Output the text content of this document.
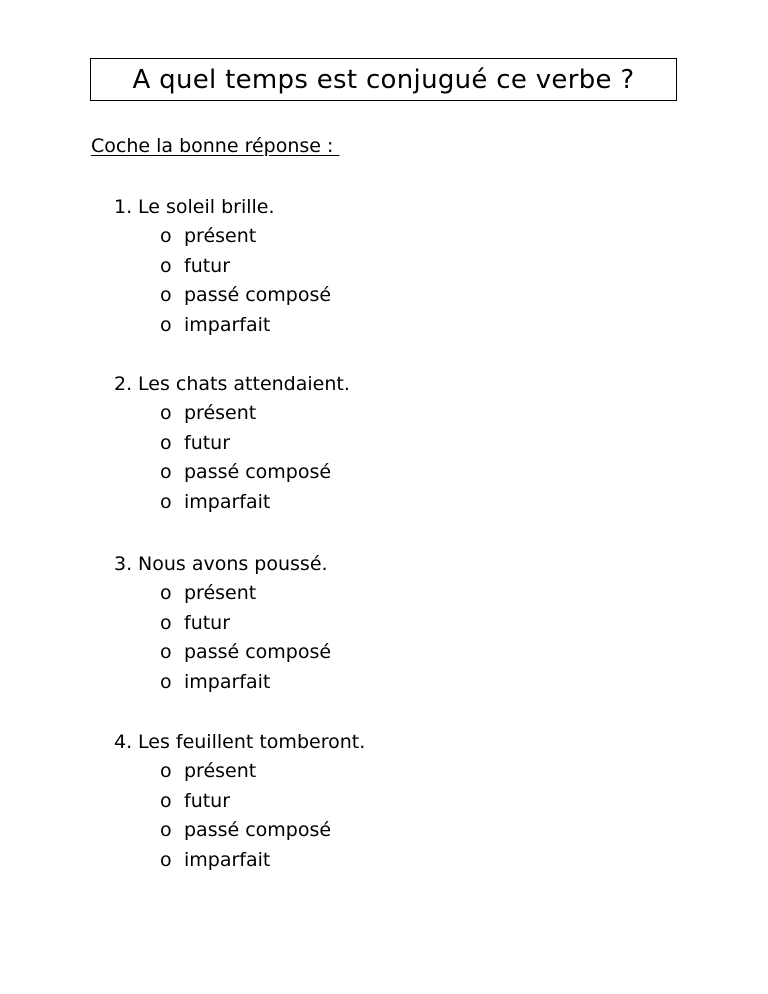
A quel temps est conjugué ce verbe ?
Coche la bonne réponse :
1. Le soleil brille.
o présent
o futur
o passé composé
o imparfait
2. Les chats attendaient.
o présent
o futur
o passé composé
o imparfait
3. Nous avons poussé.
o présent
o futur
o passé composé
o imparfait
4. Les feuillent tomberont.
o présent
o futur
o passé composé
o imparfait
